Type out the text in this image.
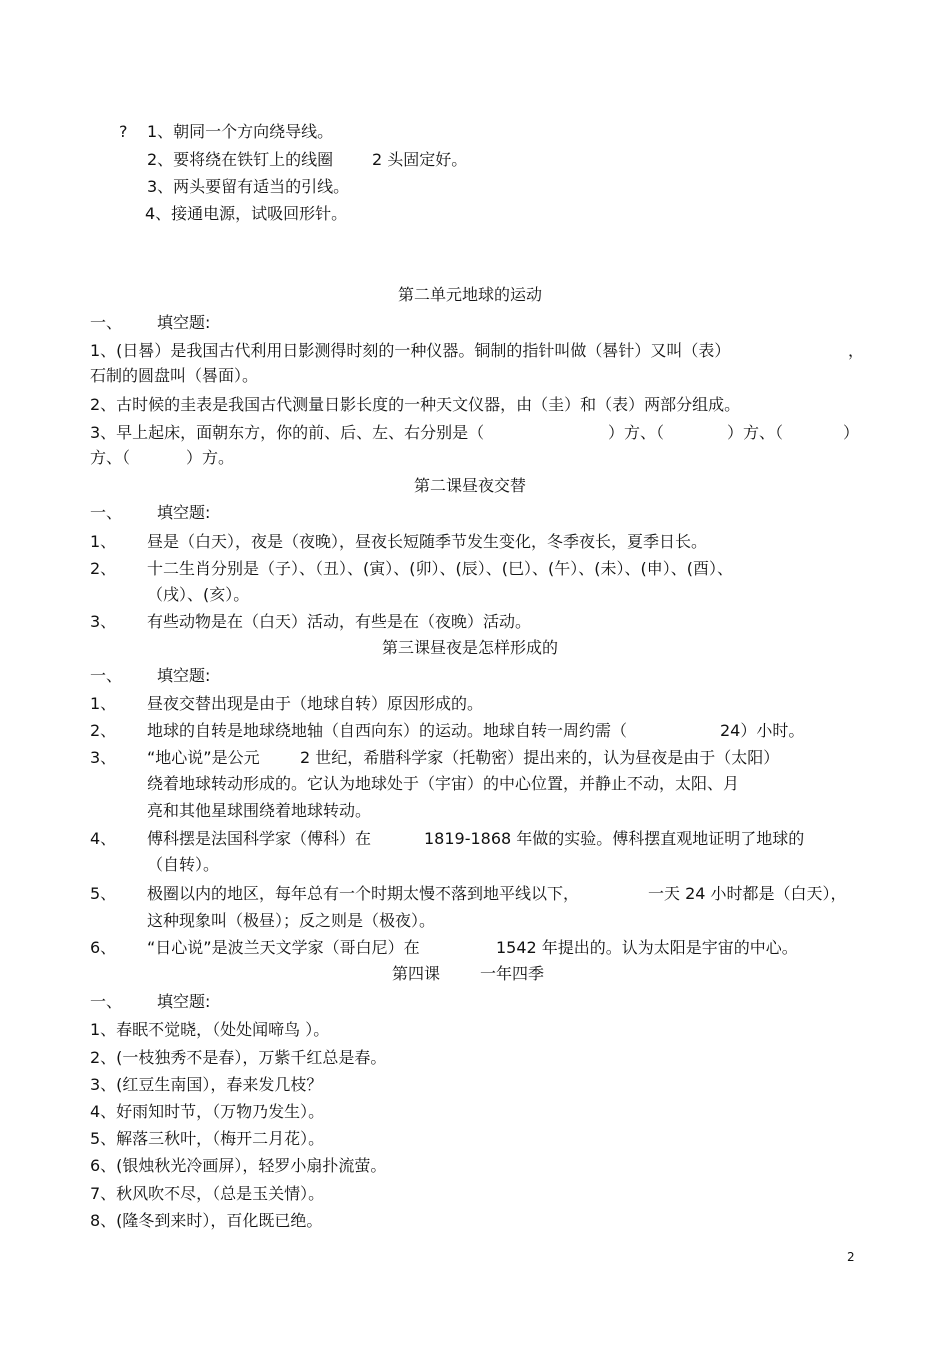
? 1、朝同一个方向绕导线。
2、要将绕在铁钉上的线圈 2 头固定好。
3、两头要留有适当的引线。
4、接通电源，试吸回形针。
第二单元地球的运动
一、 填空题:
1、(日晷）是我国古代利用日影测得时刻的一种仪器。铜制的指针叫做（晷针）又叫（表）	，
石制的圆盘叫（晷面）。
2、古时候的圭表是我国古代测量日影长度的一种天文仪器，由（圭）和（表）两部分组成。
3、早上起床，面朝东方，你的前、后、左、右分别是（	）方、（	）方、（	）
方、（	）方。
第二课昼夜交替
一、 填空题:
1、 昼是（白天），夜是（夜晚），昼夜长短随季节发生变化，冬季夜长，夏季日长。
2、 十二生肖分别是（子）、（丑）、(寅）、(卯）、(辰）、(巳）、(午）、(未）、(申）、(酉）、
（戌）、(亥）。
3、 有些动物是在（白天）活动，有些是在（夜晚）活动。
第三课昼夜是怎样形成的
一、 填空题:
1、 昼夜交替出现是由于（地球自转）原因形成的。
2、 地球的自转是地球绕地轴（自西向东）的运动。地球自转一周约需（	24）小时。
3、 “地心说”是公元	2 世纪，希腊科学家（托勒密）提出来的，认为昼夜是由于（太阳）
绕着地球转动形成的。它认为地球处于（宇宙）的中心位置，并静止不动，太阳、月
亮和其他星球围绕着地球转动。
4、 傅科摆是法国科学家（傅科）在	1819-1868 年做的实验。傅科摆直观地证明了地球的
（自转）。
5、 极圈以内的地区，每年总有一个时期太慢不落到地平线以下，	一天 24 小时都是（白天），
这种现象叫（极昼）；反之则是（极夜）。
6、 “日心说”是波兰天文学家（哥白尼）在	1542 年提出的。认为太阳是宇宙的中心。
第四课 一年四季
一、 填空题:
1、春眠不觉晓，（处处闻啼鸟 ）。
2、(一枝独秀不是春），万紫千红总是春。
3、(红豆生南国），春来发几枝？
4、好雨知时节，（万物乃发生）。
5、解落三秋叶，（梅开二月花）。
6、(银烛秋光冷画屏），轻罗小扇扑流萤。
7、秋风吹不尽，（总是玉关情）。
8、(隆冬到来时），百化既已绝。
2
